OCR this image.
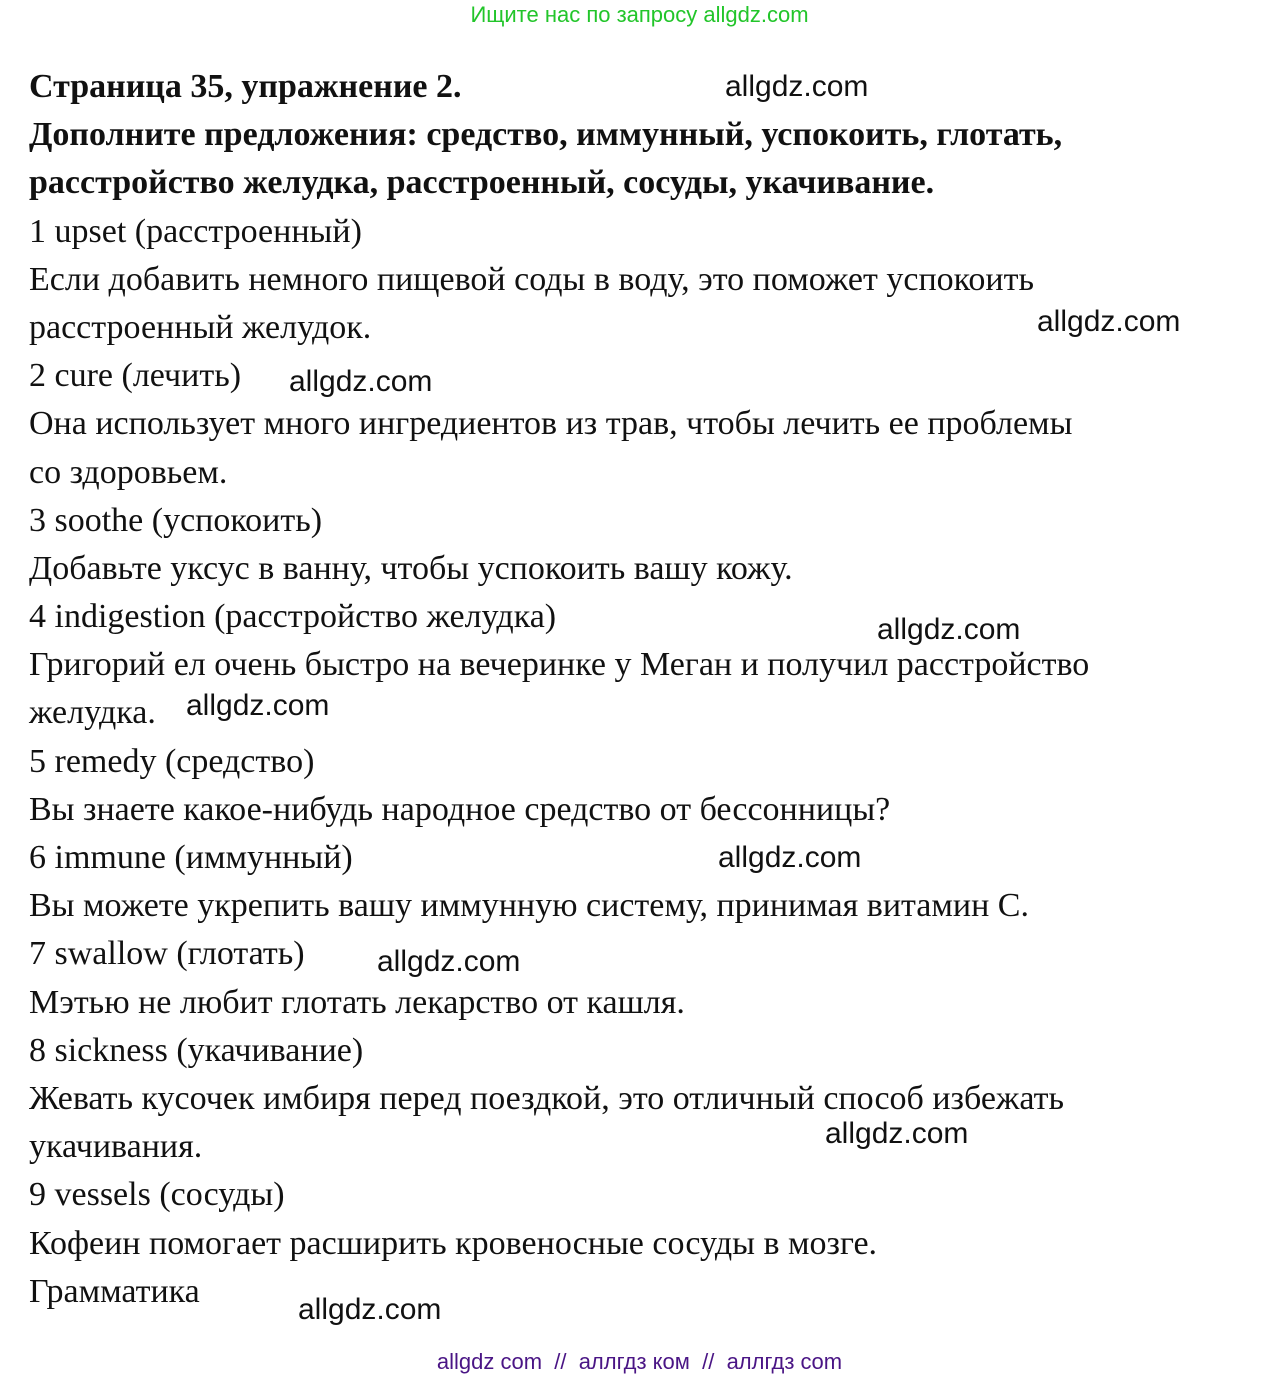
Ищите нас по запросу allgdz.com
Страница 35, упражнение 2.
Дополните предложения: средство, иммунный, успокоить, глотать,
расстройство желудка, расстроенный, сосуды, укачивание.
1 upset (расстроенный)
Если добавить немного пищевой соды в воду, это поможет успокоить
расстроенный желудок.
2 cure (лечить)
Она использует много ингредиентов из трав, чтобы лечить ее проблемы
со здоровьем.
3 soothe (успокоить)
Добавьте уксус в ванну, чтобы успокоить вашу кожу.
4 indigestion (расстройство желудка)
Григорий ел очень быстро на вечеринке у Меган и получил расстройство
желудка.
5 remedy (средство)
Вы знаете какое-нибудь народное средство от бессонницы?
6 immune (иммунный)
Вы можете укрепить вашу иммунную систему, принимая витамин C.
7 swallow (глотать)
Мэтью не любит глотать лекарство от кашля.
8 sickness (укачивание)
Жевать кусочек имбиря перед поездкой, это отличный способ избежать
укачивания.
9 vessels (сосуды)
Кофеин помогает расширить кровеносные сосуды в мозге.
Грамматика
allgdz.com
allgdz.com
allgdz.com
allgdz.com
allgdz.com
allgdz.com
allgdz.com
allgdz.com
allgdz.com
allgdz com  //  аллгдз ком  //  аллгдз com
